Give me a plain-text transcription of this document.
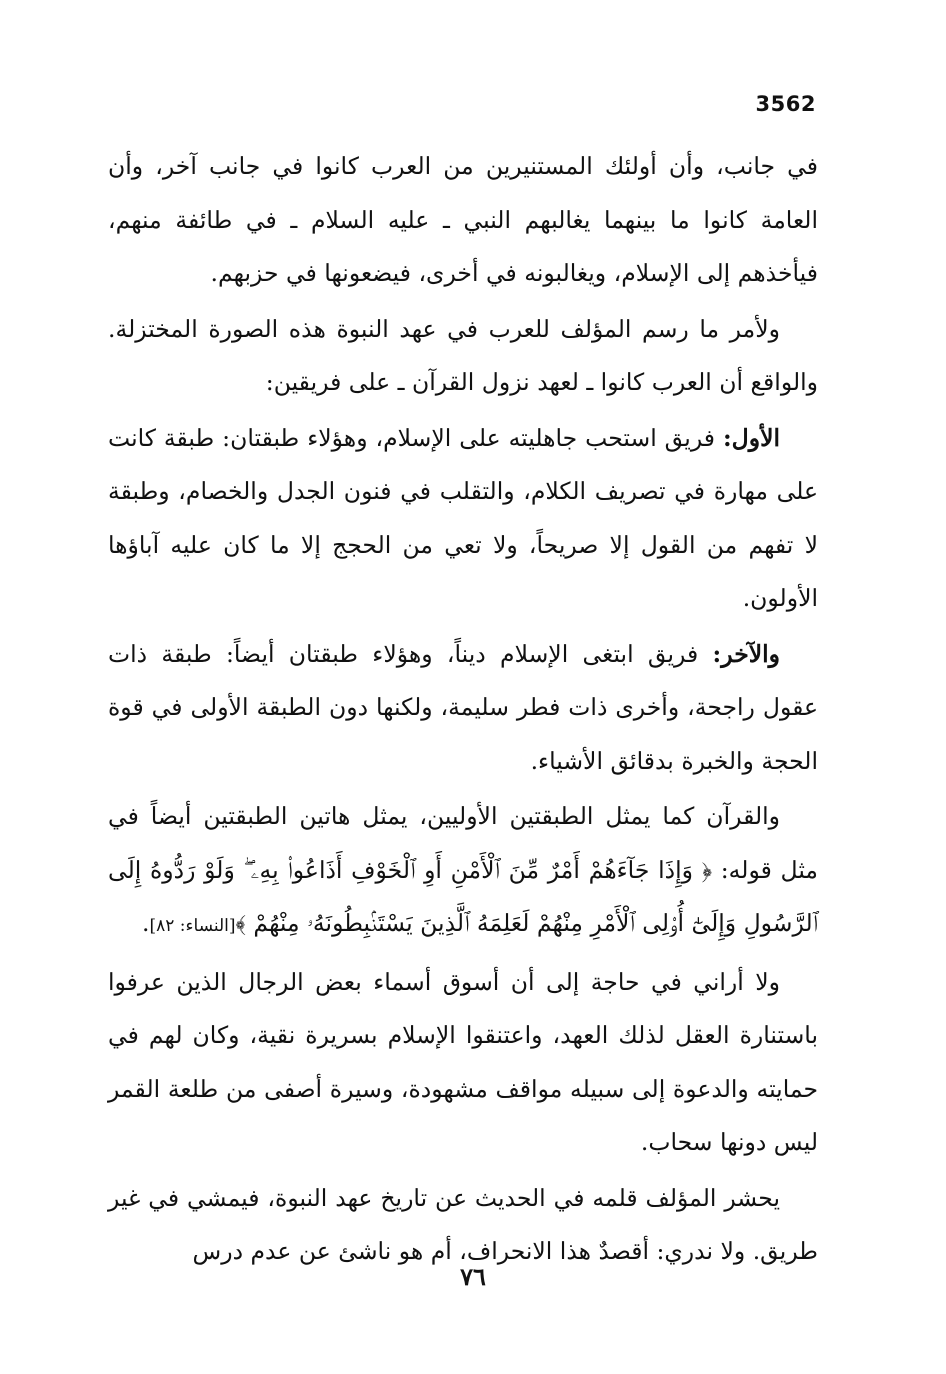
3562

في جانب، وأن أولئك المستنيرين من العرب كانوا في جانب آخر، وأن العامة كانوا ما بينهما يغالبهم النبي ـ عليه السلام ـ في طائفة منهم، فيأخذهم إلى الإسلام، ويغالبونه في أخرى، فيضعونها في حزبهم.

ولأمر ما رسم المؤلف للعرب في عهد النبوة هذه الصورة المختزلة. والواقع أن العرب كانوا ـ لعهد نزول القرآن ـ على فريقين:

الأول: فريق استحب جاهليته على الإسلام، وهؤلاء طبقتان: طبقة كانت على مهارة في تصريف الكلام، والتقلب في فنون الجدل والخصام، وطبقة لا تفهم من القول إلا صريحاً، ولا تعي من الحجج إلا ما كان عليه آباؤها الأولون.

والآخر: فريق ابتغى الإسلام ديناً، وهؤلاء طبقتان أيضاً: طبقة ذات عقول راجحة، وأخرى ذات فطر سليمة، ولكنها دون الطبقة الأولى في قوة الحجة والخبرة بدقائق الأشياء.

والقرآن كما يمثل الطبقتين الأوليين، يمثل هاتين الطبقتين أيضاً في مثل قوله: ﴿ وَإِذَا جَآءَهُمْ أَمْرٌ مِّنَ ٱلْأَمْنِ أَوِ ٱلْخَوْفِ أَذَاعُوا۟ بِهِۦ ۖ وَلَوْ رَدُّوهُ إِلَى ٱلرَّسُولِ وَإِلَىٰٓ أُو۟لِى ٱلْأَمْرِ مِنْهُمْ لَعَلِمَهُ ٱلَّذِينَ يَسْتَنۢبِطُونَهُۥ مِنْهُمْ ﴾[النساء: ٨٢].

ولا أراني في حاجة إلى أن أسوق أسماء بعض الرجال الذين عرفوا باستنارة العقل لذلك العهد، واعتنقوا الإسلام بسريرة نقية، وكان لهم في حمايته والدعوة إلى سبيله مواقف مشهودة، وسيرة أصفى من طلعة القمر ليس دونها سحاب.

يحشر المؤلف قلمه في الحديث عن تاريخ عهد النبوة، فيمشي في غير طريق. ولا ندري: أقصدٌ هذا الانحراف، أم هو ناشئ عن عدم درس

٧٦
